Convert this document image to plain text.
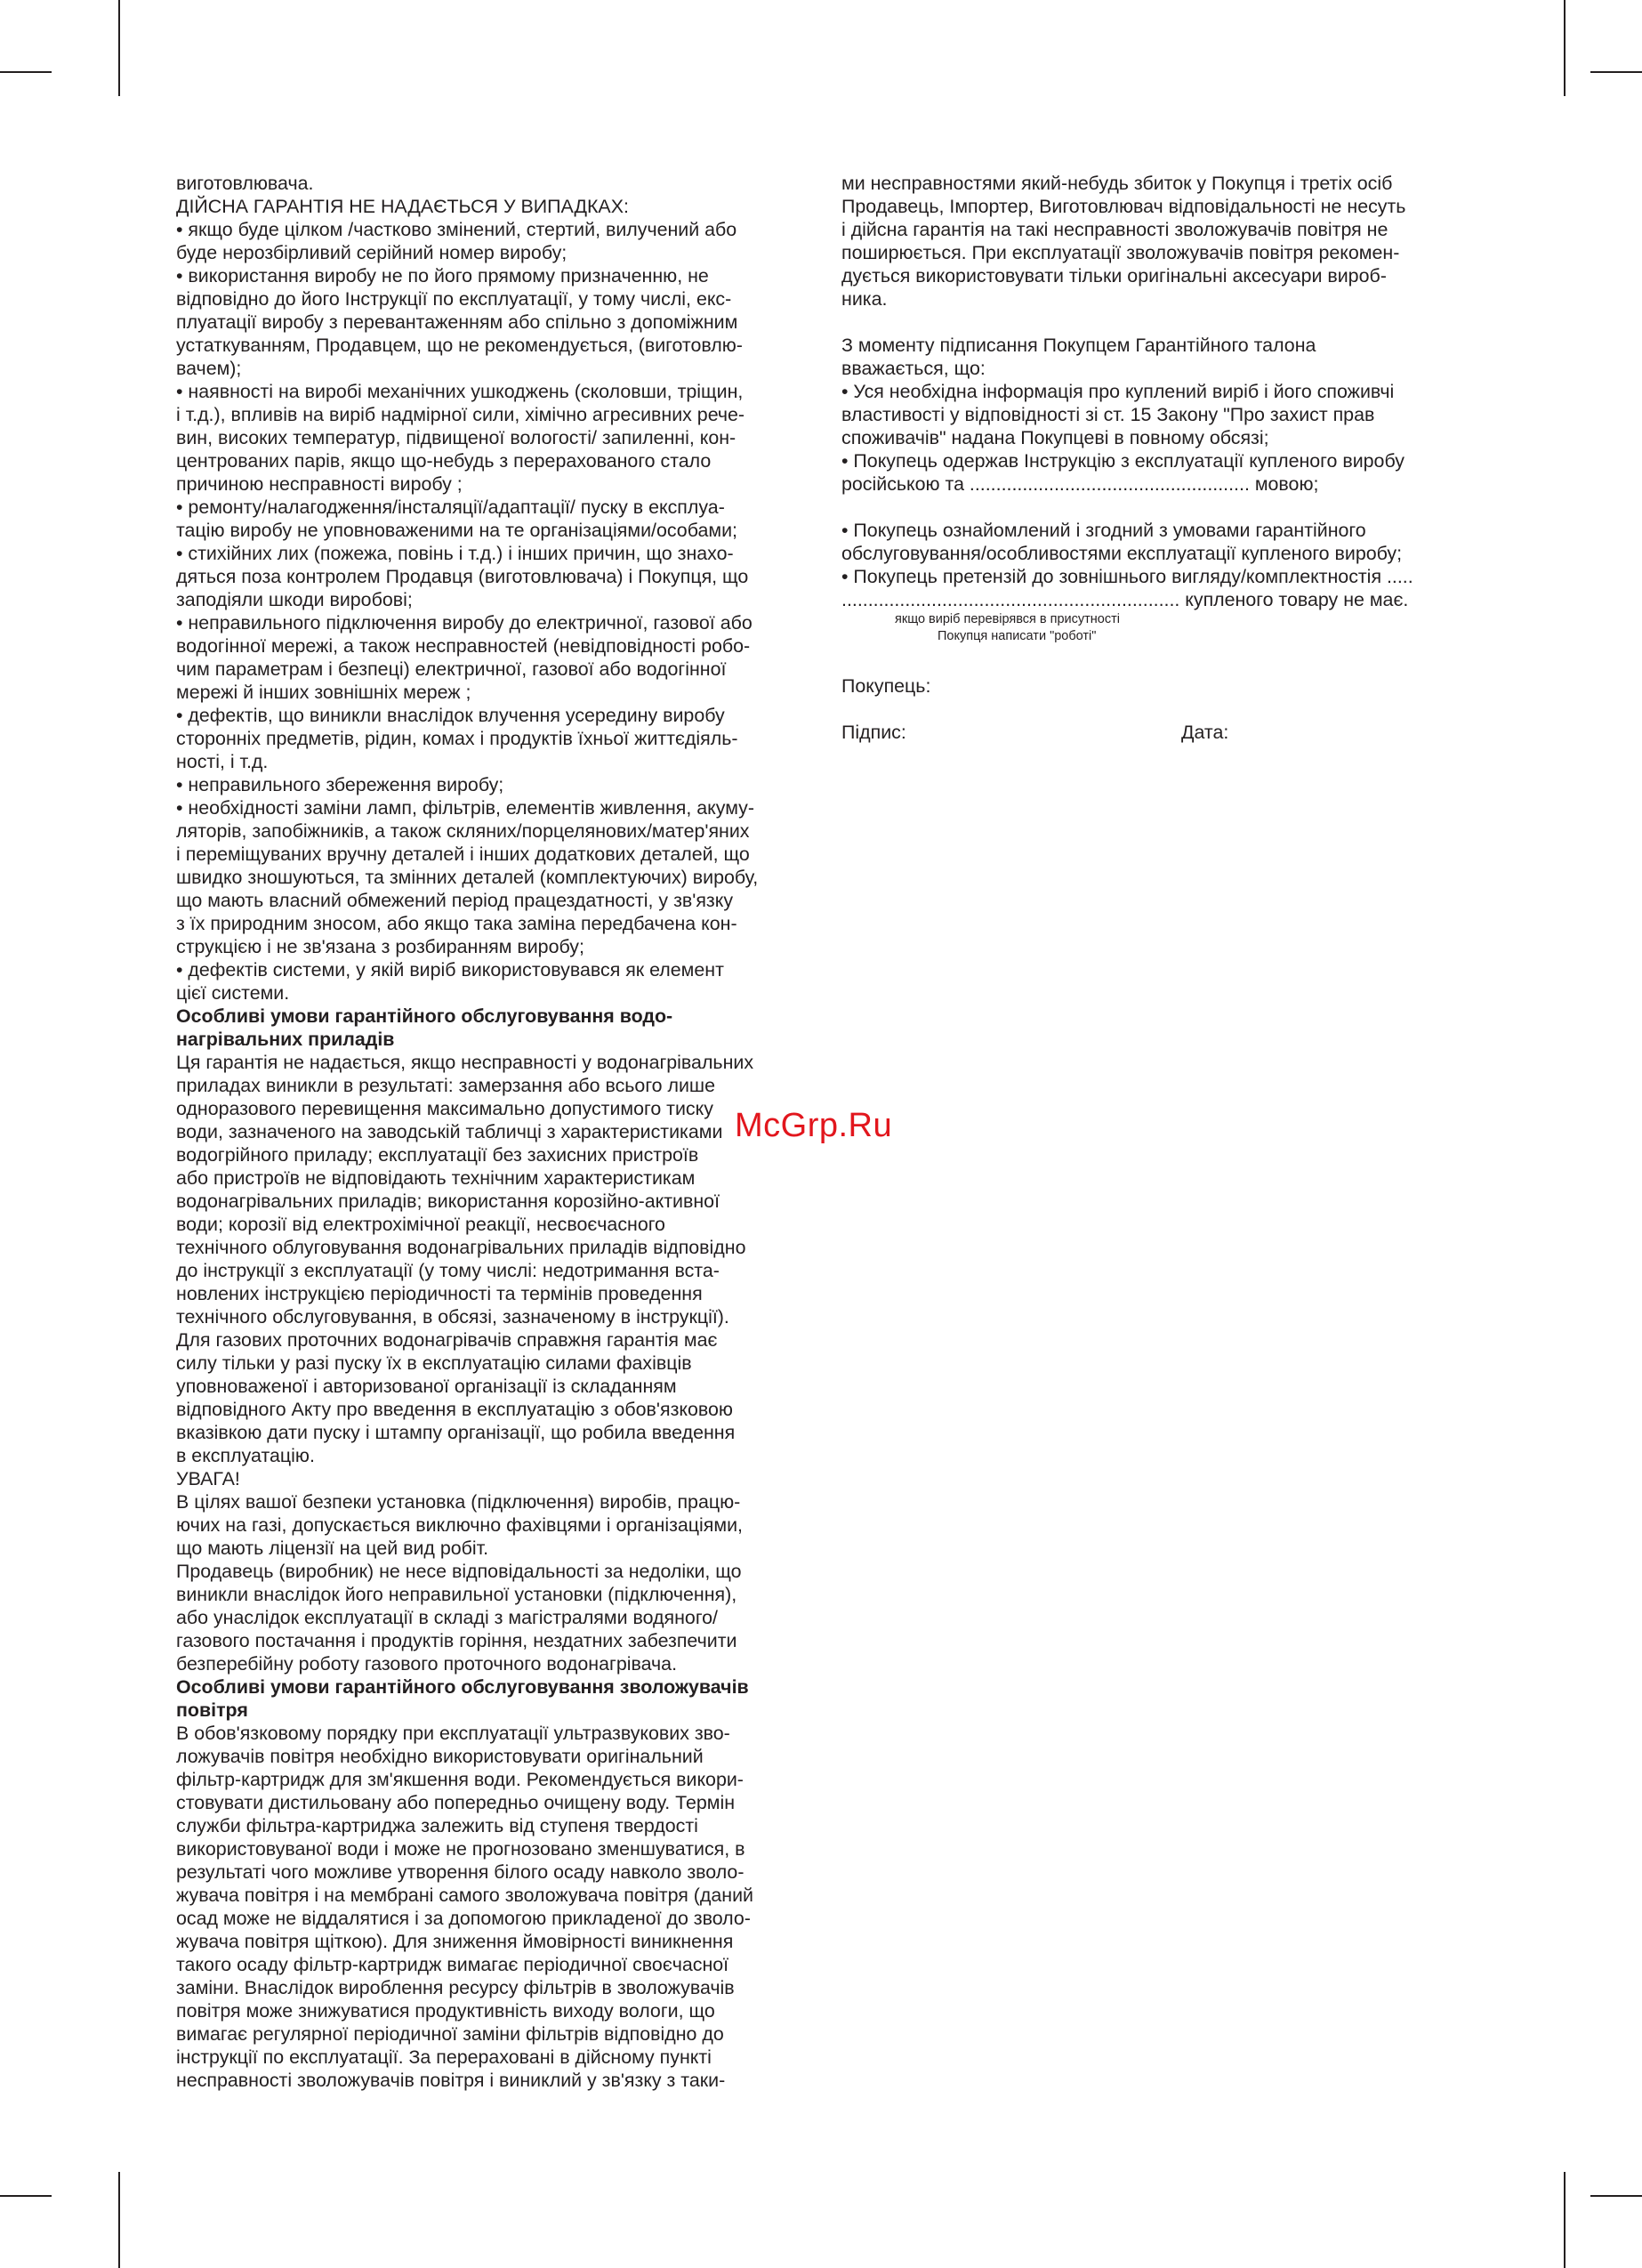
виготовлювача.

ДІЙСНА ГАРАНТІЯ НЕ НАДАЄТЬСЯ У ВИПАДКАХ:

• якщо буде цілком /частково змінений, стертий, вилучений або

буде нерозбірливий серійний номер виробу;

• використання виробу не по його прямому призначенню, не

відповідно до його Інструкції по експлуатації, у тому числі, екс-

плуатації виробу з перевантаженням або спільно з допоміжним

устаткуванням, Продавцем, що не рекомендується, (виготовлю-

вачем);

• наявності на виробі механічних ушкоджень (сколовши, тріщин,

і т.д.), впливів на виріб надмірної сили, хімічно агресивних рече-

вин, високих температур, підвищеної вологості/ запиленні, кон-

центрованих парів, якщо що-небудь з перерахованого стало

причиною несправності виробу ;

• ремонту/налагодження/інсталяції/адаптації/ пуску в експлуа-

тацію виробу не уповноваженими на те організаціями/особами;

• стихійних лих (пожежа, повінь і т.д.) і інших причин, що знахо-

дяться поза контролем Продавця (виготовлювача) і Покупця, що

заподіяли шкоди виробові;

• неправильного підключення виробу до електричної, газової або

водогінної мережі, а також несправностей (невідповідності робо-

чим параметрам і безпеці) електричної, газової або водогінної

мережі й інших зовнішніх мереж ;

• дефектів, що виникли внаслідок влучення усередину виробу

сторонніх предметів, рідин, комах і продуктів їхньої життєдіяль-

ності, і т.д.

• неправильного збереження виробу;

• необхідності заміни ламп, фільтрів, елементів живлення, акуму-

ляторів, запобіжників, а також скляних/порцелянових/матер'яних

і переміщуваних вручну деталей і інших додаткових деталей, що

швидко зношуються, та змінних деталей (комплектуючих) виробу,

що мають власний обмежений період працездатності, у зв'язку

з їх природним зносом, або якщо така заміна передбачена кон-

струкцією і не зв'язана з розбиранням виробу;

• дефектів системи, у якій виріб використовувався як елемент

цієї системи.

Особливі умови гарантійного обслуговування водо-

нагрівальних приладів

Ця гарантія не надається, якщо несправності у водонагрівальних

приладах виникли в результаті: замерзання або всього лише

одноразового перевищення максимально допустимого тиску

води, зазначеного на заводській табличці з характеристиками

водогрійного приладу; експлуатації без захисних пристроїв

або пристроїв не відповідають технічним характеристикам

водонагрівальних приладів; використання корозійно-активної

води; корозії від електрохімічної реакції, несвоєчасного

технічного облуговування водонагрівальних приладів відповідно

до інструкції з експлуатації (у тому числі: недотримання вста-

новлених інструкцією періодичності та термінів проведення

технічного обслуговування, в обсязі, зазначеному в інструкції).

Для газових проточних водонагрівачів справжня гарантія має

силу тільки у разі пуску їх в експлуатацію силами фахівців

уповноваженої і авторизованої організації із складанням

відповідного Акту про введення в експлуатацію з обов'язковою

вказівкою дати пуску і штампу організації, що робила введення

в експлуатацію.

УВАГА!

В цілях вашої безпеки установка (підключення) виробів, працю-

ючих на газі, допускається виключно фахівцями і організаціями,

що мають ліцензії на цей вид робіт.

Продавець (виробник) не несе відповідальності за недоліки, що

виникли внаслідок його неправильної установки (підключення),

або унаслідок експлуатації в складі з магістралями водяного/

газового постачання і продуктів горіння, нездатних забезпечити

безперебійну роботу газового проточного водонагрівача.

Особливі умови гарантійного обслуговування зволожувачів

повітря

В обов'язковому порядку при експлуатації ультразвукових зво-

ложувачів повітря необхідно використовувати оригінальний

фільтр-картридж для зм'якшення води. Рекомендується викори-

стовувати дистильовану або попередньо очищену воду. Термін

служби фільтра-картриджа залежить від ступеня твердості

використовуваної води і може не прогнозовано зменшуватися, в

результаті чого можливе утворення білого осаду навколо зволо-

жувача повітря і на мембрані самого зволожувача повітря (даний

осад може не віддалятися і за допомогою прикладеної до зволо-

жувача повітря щіткою). Для зниження ймовірності виникнення

такого осаду фільтр-картридж вимагає періодичної своєчасної

заміни. Внаслідок вироблення ресурсу фільтрів в зволожувачів

повітря може знижуватися продуктивність виходу вологи, що

вимагає регулярної періодичної заміни фільтрів відповідно до

інструкції по експлуатації. За перераховані в дійсному пункті

несправності зволожувачів повітря і виниклий у зв'язку з таки-

ми несправностями який-небудь збиток у Покупця і третіх осіб

Продавець, Імпортер, Виготовлювач відповідальності не несуть

і дійсна гарантія на такі несправності зволожувачів повітря не

поширюється. При експлуатації зволожувачів повітря рекомен-

дується використовувати тільки оригінальні аксесуари вироб-

ника.

З моменту підписання Покупцем Гарантійного талона

вважається, що:

• Уся необхідна інформація про куплений виріб і його споживчі

властивості у відповідності зі ст. 15 Закону "Про захист прав

споживачів" надана Покупцеві в повному обсязі;

• Покупець одержав Інструкцію з експлуатації купленого виробу

російською та ..................................................... мовою;

• Покупець ознайомлений і згодний з умовами гарантійного

обслуговування/особливостями експлуатації купленого виробу;

• Покупець претензій до зовнішнього вигляду/комплектностія .....

................................................................ купленого товару не має.

якщо виріб перевірявся в присутності

Покупця написати "роботі"

Покупець:

Підпис:	Дата:
McGrp.Ru
